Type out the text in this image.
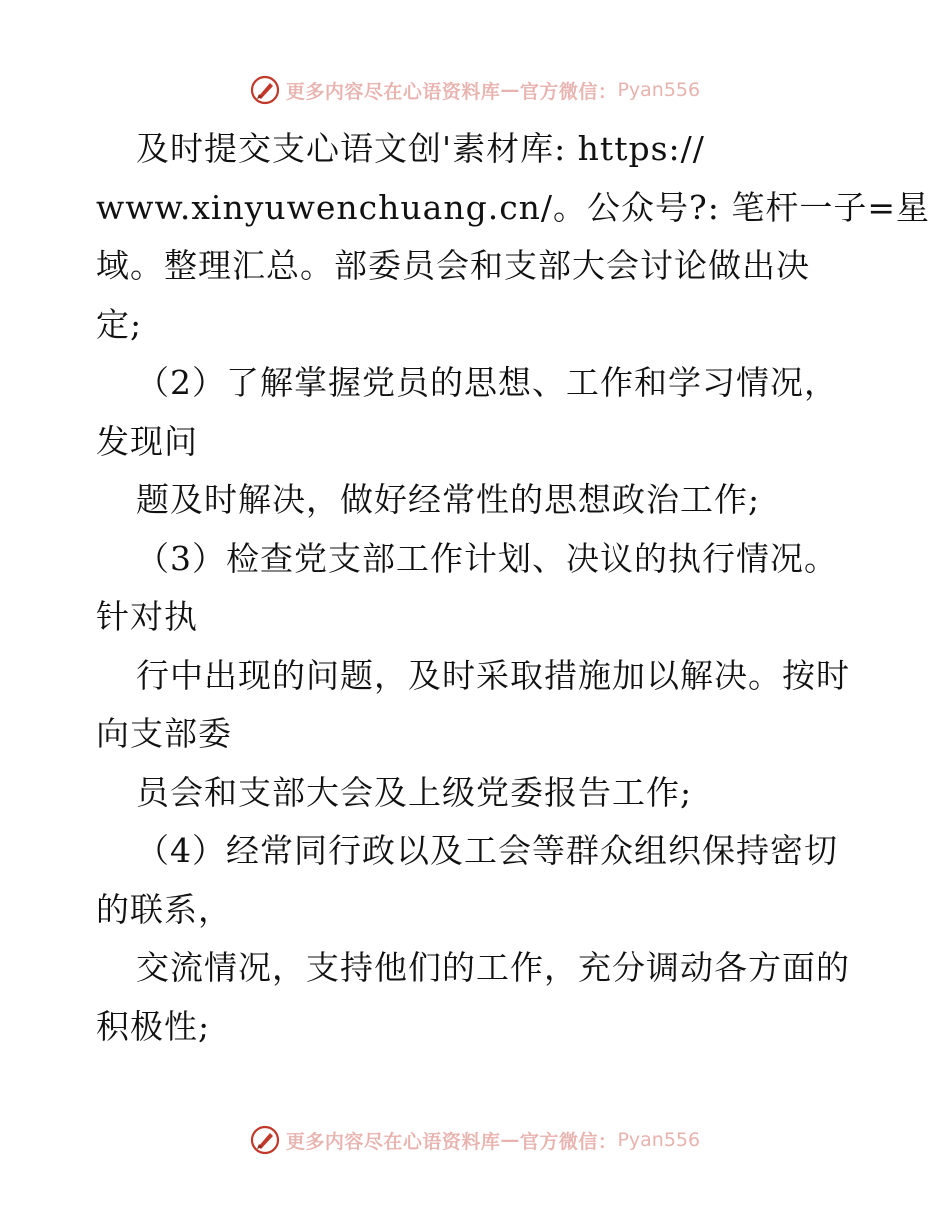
更多内容尽在心语资料库 — 官方微信： Pyan556
及时提交支心语文创'素材库: https://
www.xinyuwenchuang.cn/。公众号?: 笔杆一子=星
域。整理汇总。部委员会和支部大会讨论做出决
定;
（2）了解掌握党员的思想、工作和学习情况，
发现问
题及时解决，做好经常性的思想政治工作;
（3）检查党支部工作计划、决议的执行情况。
针对执
行中出现的问题，及时采取措施加以解决。按时
向支部委
员会和支部大会及上级党委报告工作;
（4）经常同行政以及工会等群众组织保持密切
的联系，
交流情况，支持他们的工作，充分调动各方面的
积极性;
更多内容尽在心语资料库 — 官方微信： Pyan556
